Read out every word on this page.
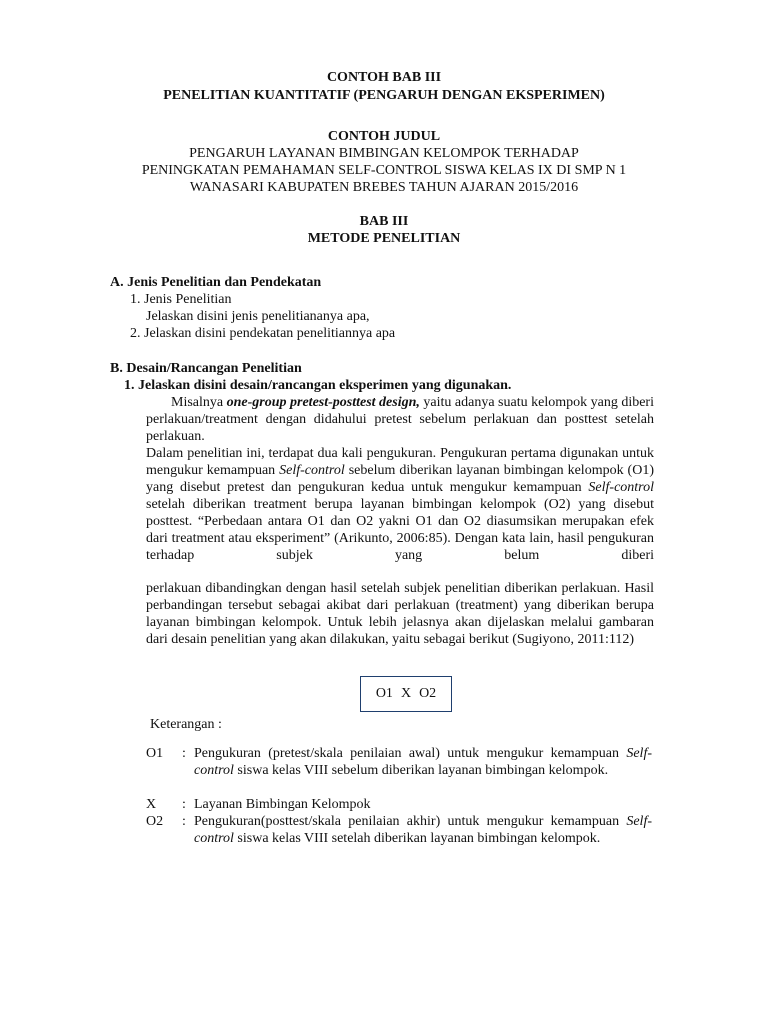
CONTOH BAB III
PENELITIAN KUANTITATIF (PENGARUH DENGAN EKSPERIMEN)
CONTOH JUDUL
PENGARUH LAYANAN BIMBINGAN KELOMPOK TERHADAP
PENINGKATAN PEMAHAMAN SELF-CONTROL SISWA KELAS IX DI SMP N 1
WANASARI KABUPATEN BREBES TAHUN AJARAN 2015/2016
BAB III
METODE PENELITIAN
A. Jenis Penelitian dan Pendekatan
1. Jenis Penelitian
Jelaskan disini jenis penelitiananya apa,
2. Jelaskan disini pendekatan penelitiannya apa
B. Desain/Rancangan Penelitian
1. Jelaskan disini desain/rancangan eksperimen yang digunakan.
Misalnya one-group pretest-posttest design, yaitu adanya suatu kelompok yang diberi perlakuan/treatment dengan didahului pretest sebelum perlakuan dan posttest setelah perlakuan.
Dalam penelitian ini, terdapat dua kali pengukuran. Pengukuran pertama digunakan untuk mengukur kemampuan Self-control sebelum diberikan layanan bimbingan kelompok (O1) yang disebut pretest dan pengukuran kedua untuk mengukur kemampuan Self-control setelah diberikan treatment berupa layanan bimbingan kelompok (O2) yang disebut posttest. “Perbedaan antara O1 dan O2 yakni O1 dan O2 diasumsikan merupakan efek dari treatment atau eksperiment” (Arikunto, 2006:85). Dengan kata lain, hasil pengukuran terhadap subjek yang belum diberi
perlakuan dibandingkan dengan hasil setelah subjek penelitian diberikan perlakuan. Hasil perbandingan tersebut sebagai akibat dari perlakuan (treatment) yang diberikan berupa layanan bimbingan kelompok. Untuk lebih jelasnya akan dijelaskan melalui gambaran dari desain penelitian yang akan dilakukan, yaitu sebagai berikut (Sugiyono, 2011:112)
O1 X O2
Keterangan :
O1 : Pengukuran (pretest/skala penilaian awal) untuk mengukur kemampuan Self-control siswa kelas VIII sebelum diberikan layanan bimbingan kelompok.
X : Layanan Bimbingan Kelompok
O2 : Pengukuran(posttest/skala penilaian akhir) untuk mengukur kemampuan Self-control siswa kelas VIII setelah diberikan layanan bimbingan kelompok.
